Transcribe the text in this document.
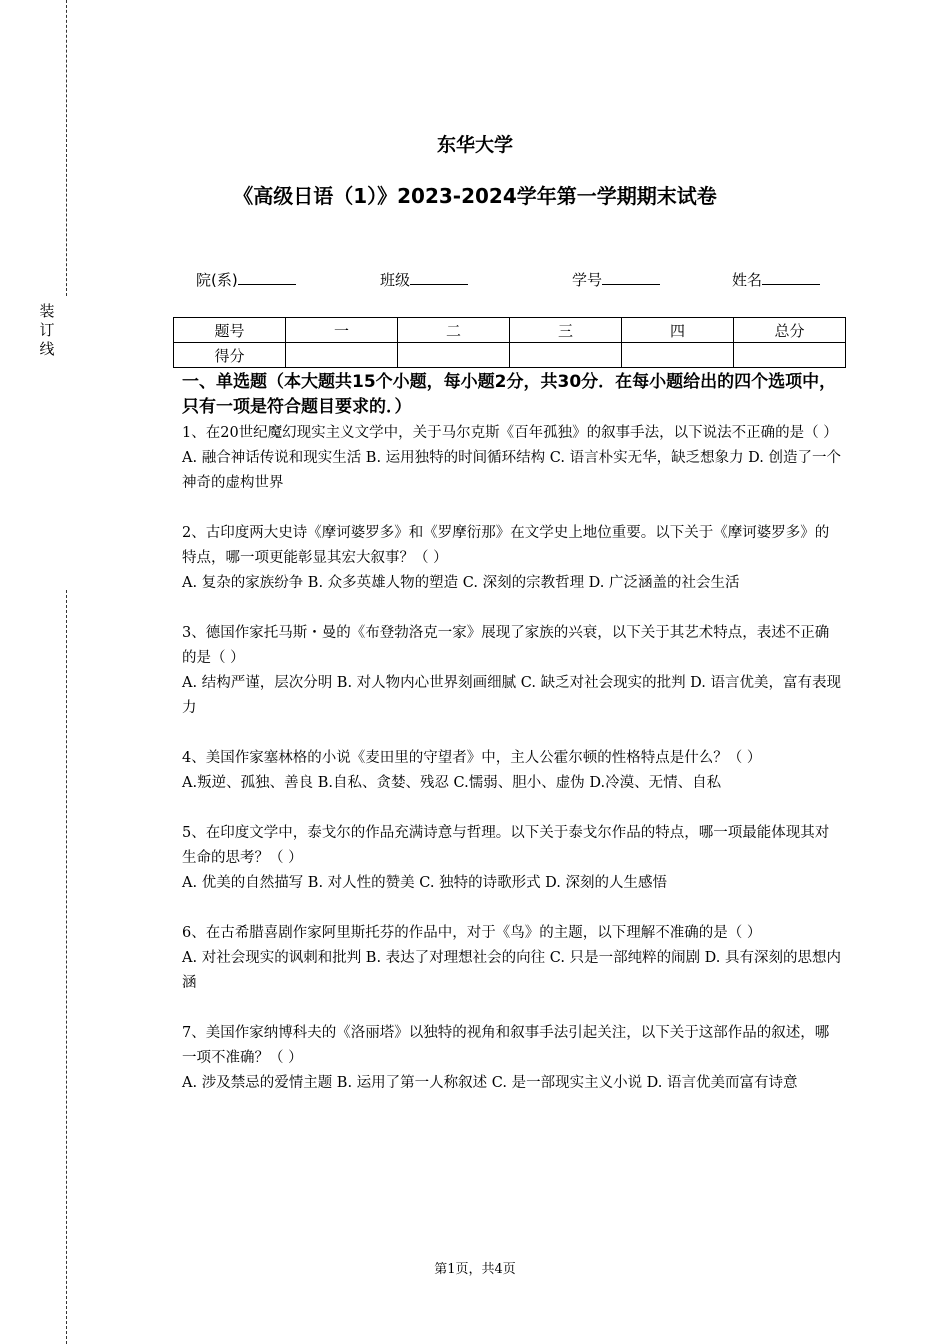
装订线
东华大学
《高级日语（1）》2023-2024学年第一学期期末试卷
院(系)	班级	学号	姓名
题号	一	二	三	四	总分
得分					

一、单选题（本大题共15个小题，每小题2分，共30分．在每小题给出的四个选项中，只有一项是符合题目要求的．）

1、在20世纪魔幻现实主义文学中，关于马尔克斯《百年孤独》的叙事手法，以下说法不正确的是（ ）

A. 融合神话传说和现实生活 B. 运用独特的时间循环结构 C. 语言朴实无华，缺乏想象力 D. 创造了一个神奇的虚构世界

2、古印度两大史诗《摩诃婆罗多》和《罗摩衍那》在文学史上地位重要。以下关于《摩诃婆罗多》的特点，哪一项更能彰显其宏大叙事？（ ）

A. 复杂的家族纷争 B. 众多英雄人物的塑造 C. 深刻的宗教哲理 D. 广泛涵盖的社会生活

3、德国作家托马斯・曼的《布登勃洛克一家》展现了家族的兴衰，以下关于其艺术特点，表述不正确的是（ ）

A. 结构严谨，层次分明 B. 对人物内心世界刻画细腻 C. 缺乏对社会现实的批判 D. 语言优美，富有表现力

4、美国作家塞林格的小说《麦田里的守望者》中，主人公霍尔顿的性格特点是什么？（ ）

A.叛逆、孤独、善良 B.自私、贪婪、残忍 C.懦弱、胆小、虚伪 D.冷漠、无情、自私

5、在印度文学中，泰戈尔的作品充满诗意与哲理。以下关于泰戈尔作品的特点，哪一项最能体现其对生命的思考？（ ）

A. 优美的自然描写 B. 对人性的赞美 C. 独特的诗歌形式 D. 深刻的人生感悟

6、在古希腊喜剧作家阿里斯托芬的作品中，对于《鸟》的主题，以下理解不准确的是（ ）

A. 对社会现实的讽刺和批判 B. 表达了对理想社会的向往 C. 只是一部纯粹的闹剧 D. 具有深刻的思想内涵

7、美国作家纳博科夫的《洛丽塔》以独特的视角和叙事手法引起关注，以下关于这部作品的叙述，哪一项不准确？（ ）

A. 涉及禁忌的爱情主题 B. 运用了第一人称叙述 C. 是一部现实主义小说 D. 语言优美而富有诗意

第1页，共4页
